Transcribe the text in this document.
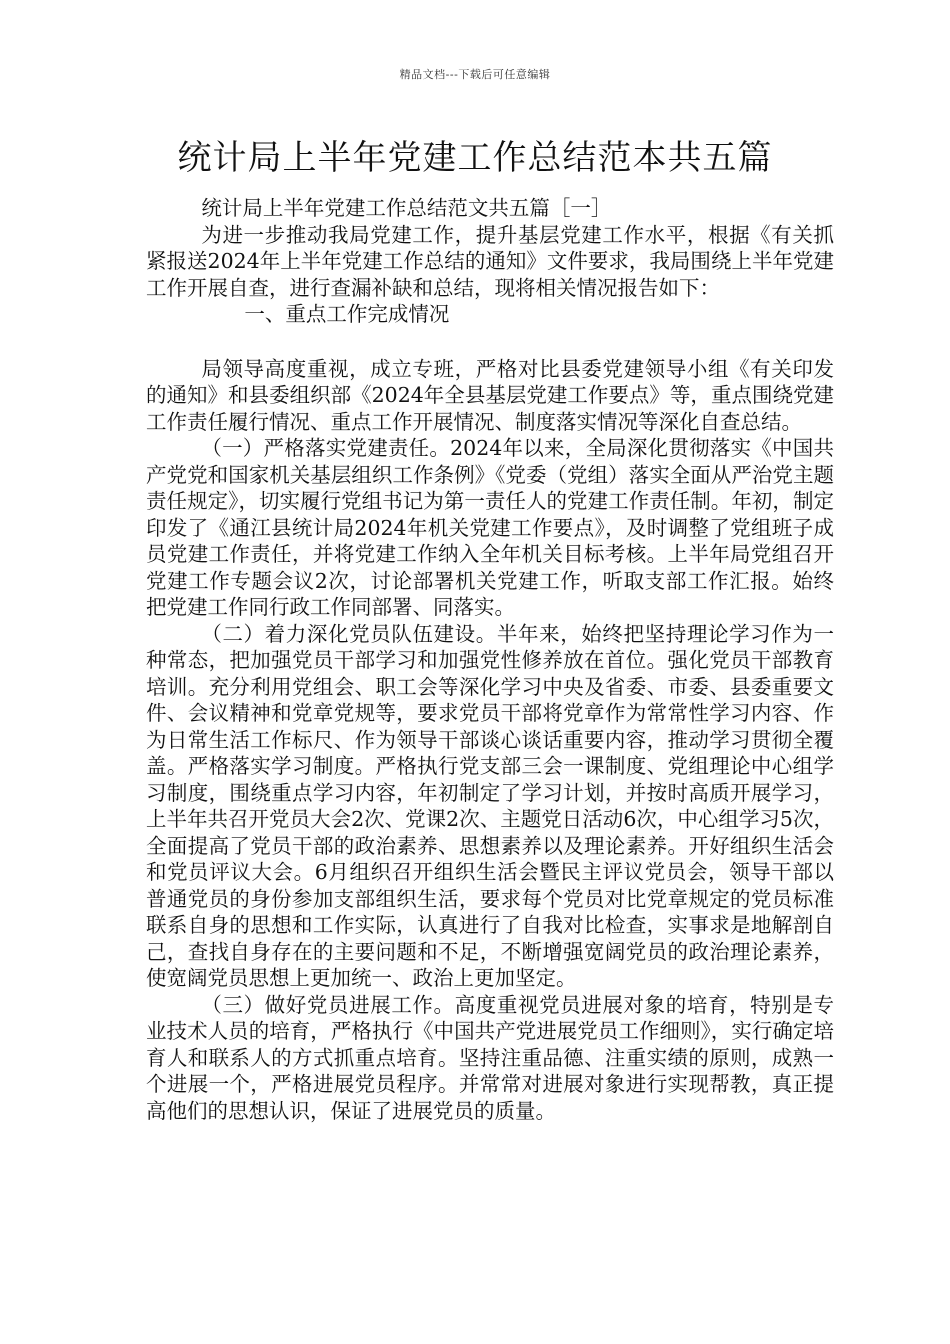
精品文档---下载后可任意编辑
统计局上半年党建工作总结范本共五篇

统计局上半年党建工作总结范文共五篇［一］

为进一步推动我局党建工作，提升基层党建工作水平，根据《有关抓紧报送2024年上半年党建工作总结的通知》文件要求，我局围绕上半年党建工作开展自查，进行查漏补缺和总结，现将相关情况报告如下：

一、重点工作完成情况

局领导高度重视，成立专班，严格对比县委党建领导小组《有关印发的通知》和县委组织部《2024年全县基层党建工作要点》等，重点围绕党建工作责任履行情况、重点工作开展情况、制度落实情况等深化自查总结。

（一）严格落实党建责任。2024年以来，全局深化贯彻落实《中国共产党党和国家机关基层组织工作条例》《党委（党组）落实全面从严治党主题责任规定》，切实履行党组书记为第一责任人的党建工作责任制。年初，制定印发了《通江县统计局2024年机关党建工作要点》，及时调整了党组班子成员党建工作责任，并将党建工作纳入全年机关目标考核。上半年局党组召开党建工作专题会议2次，讨论部署机关党建工作，听取支部工作汇报。始终把党建工作同行政工作同部署、同落实。

（二）着力深化党员队伍建设。半年来，始终把坚持理论学习作为一种常态，把加强党员干部学习和加强党性修养放在首位。强化党员干部教育培训。充分利用党组会、职工会等深化学习中央及省委、市委、县委重要文件、会议精神和党章党规等，要求党员干部将党章作为常常性学习内容、作为日常生活工作标尺、作为领导干部谈心谈话重要内容，推动学习贯彻全覆盖。严格落实学习制度。严格执行党支部三会一课制度、党组理论中心组学习制度，围绕重点学习内容，年初制定了学习计划，并按时高质开展学习，上半年共召开党员大会2次、党课2次、主题党日活动6次，中心组学习5次，全面提高了党员干部的政治素养、思想素养以及理论素养。开好组织生活会和党员评议大会。6月组织召开组织生活会暨民主评议党员会，领导干部以普通党员的身份参加支部组织生活，要求每个党员对比党章规定的党员标准联系自身的思想和工作实际，认真进行了自我对比检查，实事求是地解剖自己，查找自身存在的主要问题和不足，不断增强宽阔党员的政治理论素养，使宽阔党员思想上更加统一、政治上更加坚定。

（三）做好党员进展工作。高度重视党员进展对象的培育，特别是专业技术人员的培育，严格执行《中国共产党进展党员工作细则》，实行确定培育人和联系人的方式抓重点培育。坚持注重品德、注重实绩的原则，成熟一个进展一个，严格进展党员程序。并常常对进展对象进行实现帮教，真正提高他们的思想认识，保证了进展党员的质量。
